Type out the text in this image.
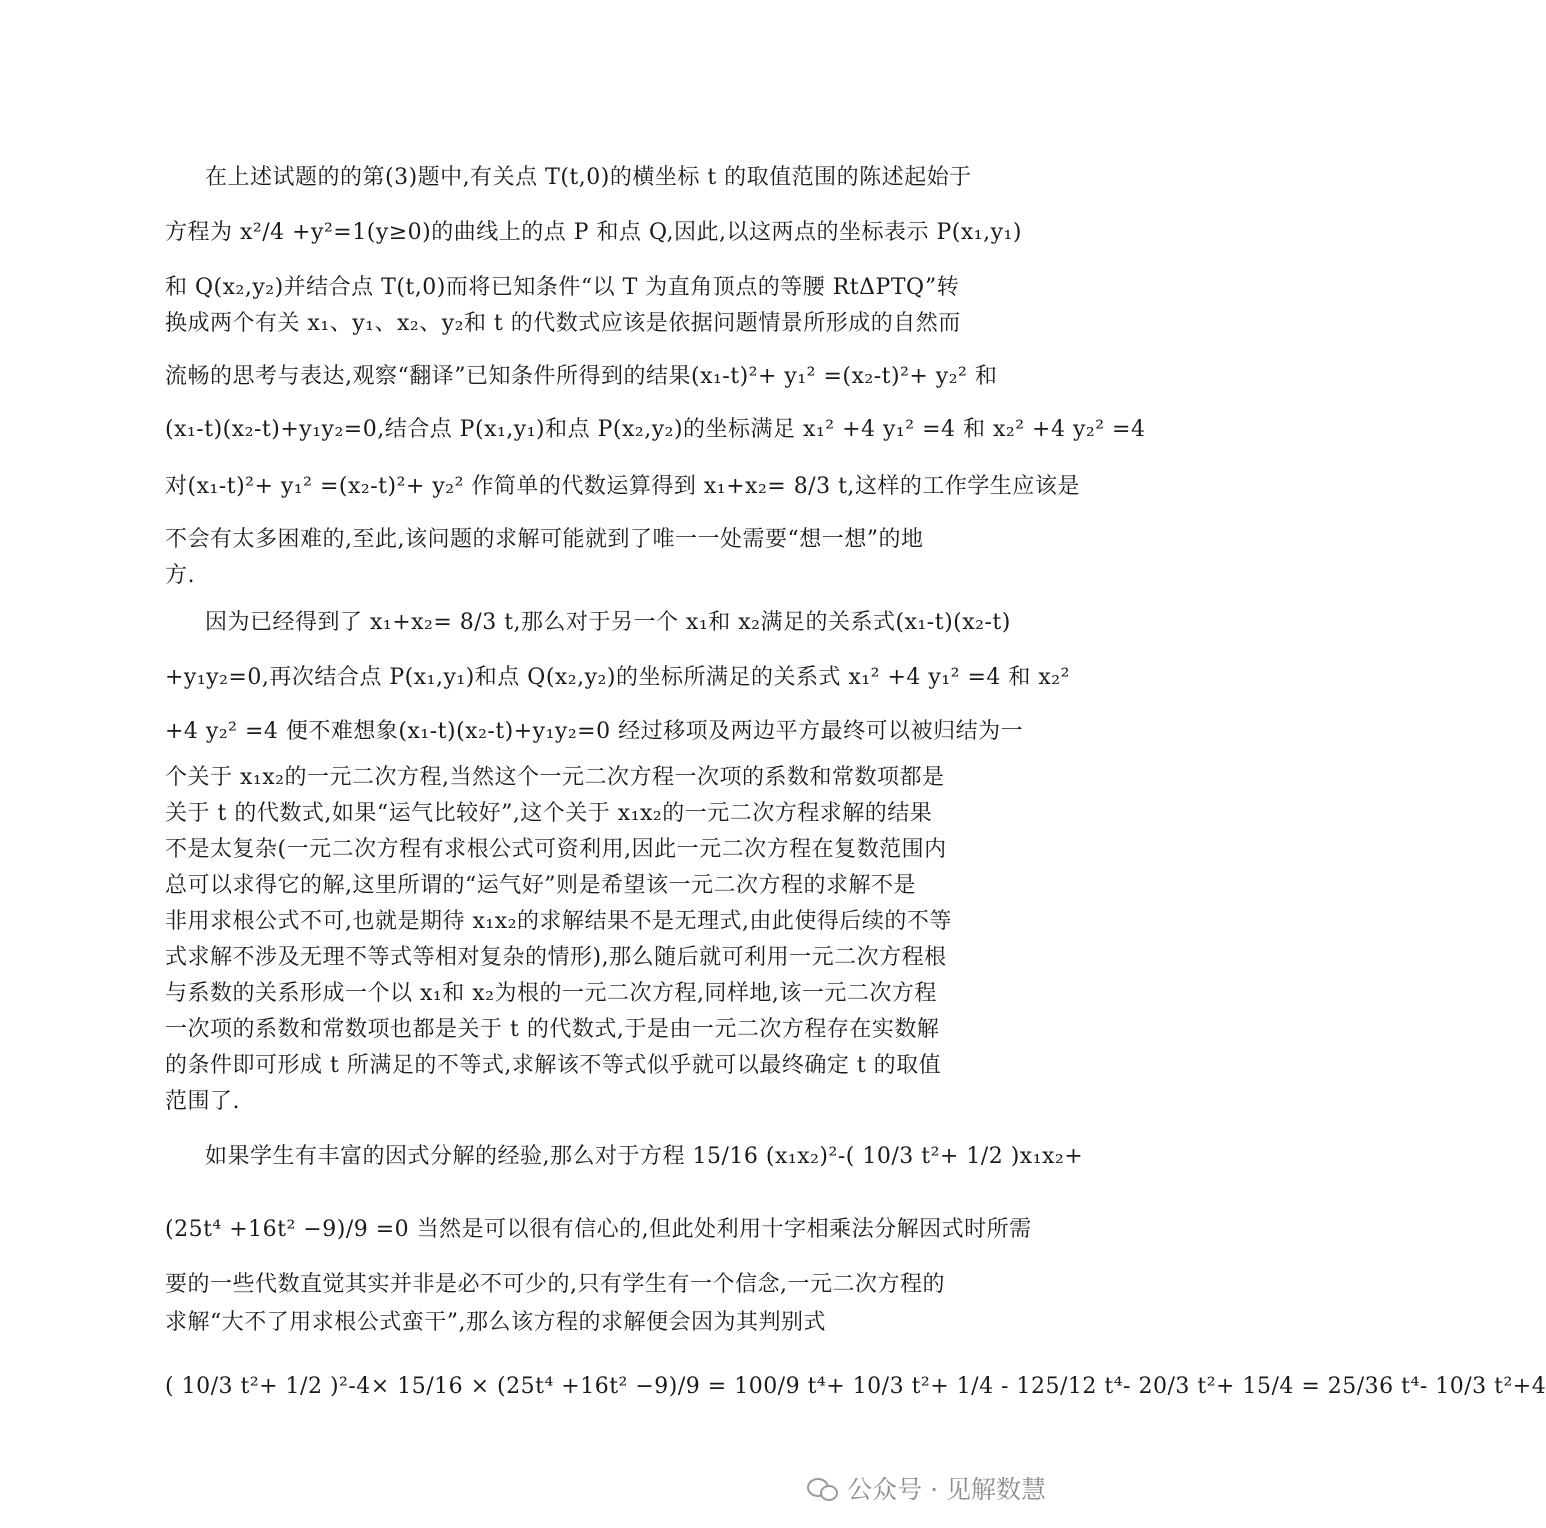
在上述试题的的第(3)题中,有关点 T(t,0)的横坐标 t 的取值范围的陈述起始于

方程为 x²/4 +y²=1(y≥0)的曲线上的点 P 和点 Q,因此,以这两点的坐标表示 P(x₁,y₁)

和 Q(x₂,y₂)并结合点 T(t,0)而将已知条件“以 T 为直角顶点的等腰 RtΔPTQ”转

换成两个有关 x₁、y₁、x₂、y₂和 t 的代数式应该是依据问题情景所形成的自然而

流畅的思考与表达,观察“翻译”已知条件所得到的结果(x₁-t)²+ y₁² =(x₂-t)²+ y₂² 和

(x₁-t)(x₂-t)+y₁y₂=0,结合点 P(x₁,y₁)和点 P(x₂,y₂)的坐标满足 x₁² +4 y₁² =4 和 x₂² +4 y₂² =4

对(x₁-t)²+ y₁² =(x₂-t)²+ y₂² 作简单的代数运算得到 x₁+x₂= 8/3 t,这样的工作学生应该是

不会有太多困难的,至此,该问题的求解可能就到了唯一一处需要“想一想”的地

方.

因为已经得到了 x₁+x₂= 8/3 t,那么对于另一个 x₁和 x₂满足的关系式(x₁-t)(x₂-t)

+y₁y₂=0,再次结合点 P(x₁,y₁)和点 Q(x₂,y₂)的坐标所满足的关系式 x₁² +4 y₁² =4 和 x₂²

+4 y₂² =4 便不难想象(x₁-t)(x₂-t)+y₁y₂=0 经过移项及两边平方最终可以被归结为一

个关于 x₁x₂的一元二次方程,当然这个一元二次方程一次项的系数和常数项都是

关于 t 的代数式,如果“运气比较好”,这个关于 x₁x₂的一元二次方程求解的结果

不是太复杂(一元二次方程有求根公式可资利用,因此一元二次方程在复数范围内

总可以求得它的解,这里所谓的“运气好”则是希望该一元二次方程的求解不是

非用求根公式不可,也就是期待 x₁x₂的求解结果不是无理式,由此使得后续的不等

式求解不涉及无理不等式等相对复杂的情形),那么随后就可利用一元二次方程根

与系数的关系形成一个以 x₁和 x₂为根的一元二次方程,同样地,该一元二次方程

一次项的系数和常数项也都是关于 t 的代数式,于是由一元二次方程存在实数解

的条件即可形成 t 所满足的不等式,求解该不等式似乎就可以最终确定 t 的取值

范围了.

如果学生有丰富的因式分解的经验,那么对于方程 15/16 (x₁x₂)²-( 10/3 t²+ 1/2 )x₁x₂+

(25t⁴ +16t² −9)/9 =0 当然是可以很有信心的,但此处利用十字相乘法分解因式时所需

要的一些代数直觉其实并非是必不可少的,只有学生有一个信念,一元二次方程的

求解“大不了用求根公式蛮干”,那么该方程的求解便会因为其判别式

( 10/3 t²+ 1/2 )²-4× 15/16 × (25t⁴ +16t² −9)/9 = 100/9 t⁴+ 10/3 t²+ 1/4 - 125/12 t⁴- 20/3 t²+ 15/4 = 25/36 t⁴- 10/3 t²+4

公众号 · 见解数慧
